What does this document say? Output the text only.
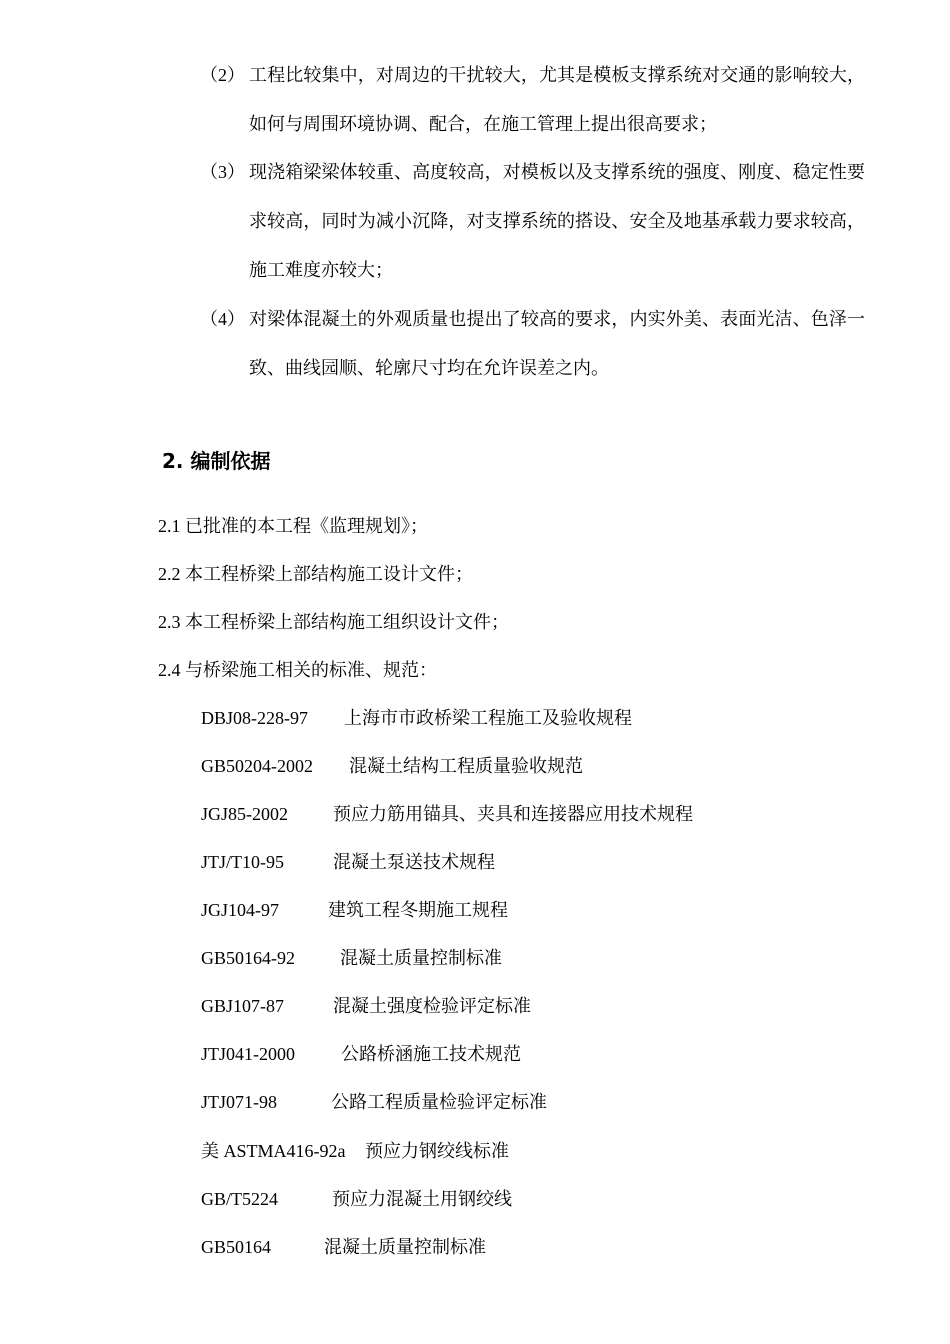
（2） 工程比较集中，对周边的干扰较大，尤其是模板支撑系统对交通的影响较大，如何与周围环境协调、配合，在施工管理上提出很高要求；
（3） 现浇箱梁梁体较重、高度较高，对模板以及支撑系统的强度、刚度、稳定性要求较高，同时为减小沉降，对支撑系统的搭设、安全及地基承载力要求较高，施工难度亦较大；
（4） 对梁体混凝土的外观质量也提出了较高的要求，内实外美、表面光洁、色泽一致、曲线园顺、轮廓尺寸均在允许误差之内。
2. 编制依据
2.1 已批准的本工程《监理规划》；
2.2 本工程桥梁上部结构施工设计文件；
2.3 本工程桥梁上部结构施工组织设计文件；
2.4 与桥梁施工相关的标准、规范：
DBJ08-228-97 上海市市政桥梁工程施工及验收规程
GB50204-2002 混凝土结构工程质量验收规范
JGJ85-2002 预应力筋用锚具、夹具和连接器应用技术规程
JTJ/T10-95	混凝土泵送技术规程
JGJ104-97	建筑工程冬期施工规程
GB50164-92	混凝土质量控制标准
GBJ107-87	混凝土强度检验评定标准
JTJ041-2000	公路桥涵施工技术规范
JTJ071-98	公路工程质量检验评定标准
美 ASTMA416-92a 预应力钢绞线标准
GB/T5224	预应力混凝土用钢绞线
GB50164	混凝土质量控制标准
